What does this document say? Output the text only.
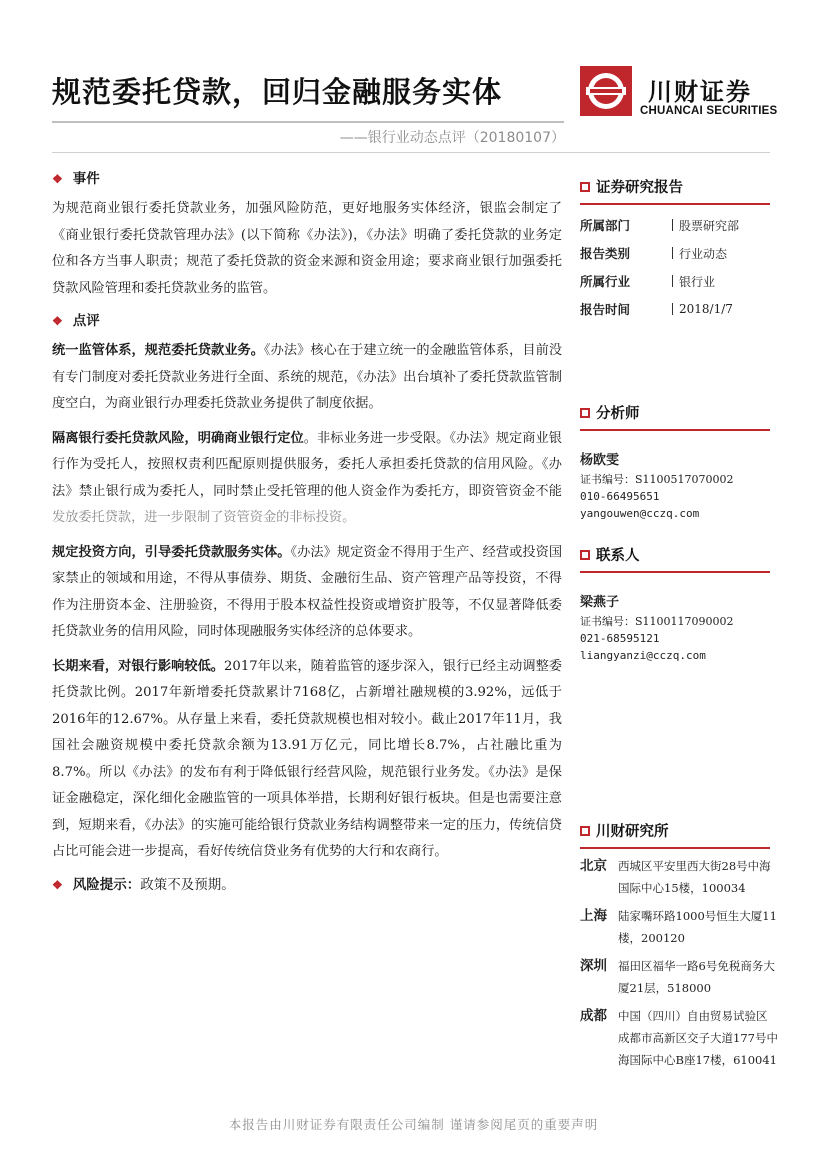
规范委托贷款，回归金融服务实体	川财证券
CHUANCAI SECURITIES
——银行业动态点评（20180107）
❖ 事件

为规范商业银行委托贷款业务，加强风险防范，更好地服务实体经济，银监会制定了《商业银行委托贷款管理办法》(以下简称《办法》)，《办法》明确了委托贷款的业务定位和各方当事人职责；规范了委托贷款的资金来源和资金用途；要求商业银行加强委托贷款风险管理和委托贷款业务的监管。

❖ 点评

统一监管体系，规范委托贷款业务。《办法》核心在于建立统一的金融监管体系，目前没有专门制度对委托贷款业务进行全面、系统的规范，《办法》出台填补了委托贷款监管制度空白，为商业银行办理委托贷款业务提供了制度依据。

隔离银行委托贷款风险，明确商业银行定位。非标业务进一步受限。《办法》规定商业银行作为受托人，按照权责利匹配原则提供服务，委托人承担委托贷款的信用风险。《办法》禁止银行成为委托人，同时禁止受托管理的他人资金作为委托方，即资管资金不能发放委托贷款，进一步限制了资管资金的非标投资。

规定投资方向，引导委托贷款服务实体。《办法》规定资金不得用于生产、经营或投资国家禁止的领域和用途，不得从事债券、期货、金融衍生品、资产管理产品等投资，不得作为注册资本金、注册验资，不得用于股本权益性投资或增资扩股等，不仅显著降低委托贷款业务的信用风险，同时体现融服务实体经济的总体要求。

长期来看，对银行影响较低。2017年以来，随着监管的逐步深入，银行已经主动调整委托贷款比例。2017年新增委托贷款累计7168亿，占新增社融规模的3.92%，远低于2016年的12.67%。从存量上来看，委托贷款规模也相对较小。截止2017年11月，我国社会融资规模中委托贷款余额为13.91万亿元，同比增长8.7%，占社融比重为8.7%。所以《办法》的发布有利于降低银行经营风险，规范银行业务发。《办法》是保证金融稳定，深化细化金融监管的一项具体举措，长期利好银行板块。但是也需要注意到，短期来看，《办法》的实施可能给银行贷款业务结构调整带来一定的压力，传统信贷占比可能会进一步提高，看好传统信贷业务有优势的大行和农商行。

❖ 风险提示：政策不及预期。
证券研究报告
所属部门	股票研究部
报告类别	行业动态
所属行业	银行业
报告时间	2018/1/7
分析师
杨欧雯
证书编号：S1100517070002
010-66495651
yangouwen@cczq.com
联系人
梁燕子
证书编号：S1100117090002
021-68595121
liangyanzi@cczq.com
川财研究所
北京 西城区平安里西大街28号中海国际中心15楼，100034
上海 陆家嘴环路1000号恒生大厦11楼，200120
深圳 福田区福华一路6号免税商务大厦21层，518000
成都 中国（四川）自由贸易试验区成都市高新区交子大道177号中海国际中心B座17楼，610041
本报告由川财证券有限责任公司编制 谨请参阅尾页的重要声明
